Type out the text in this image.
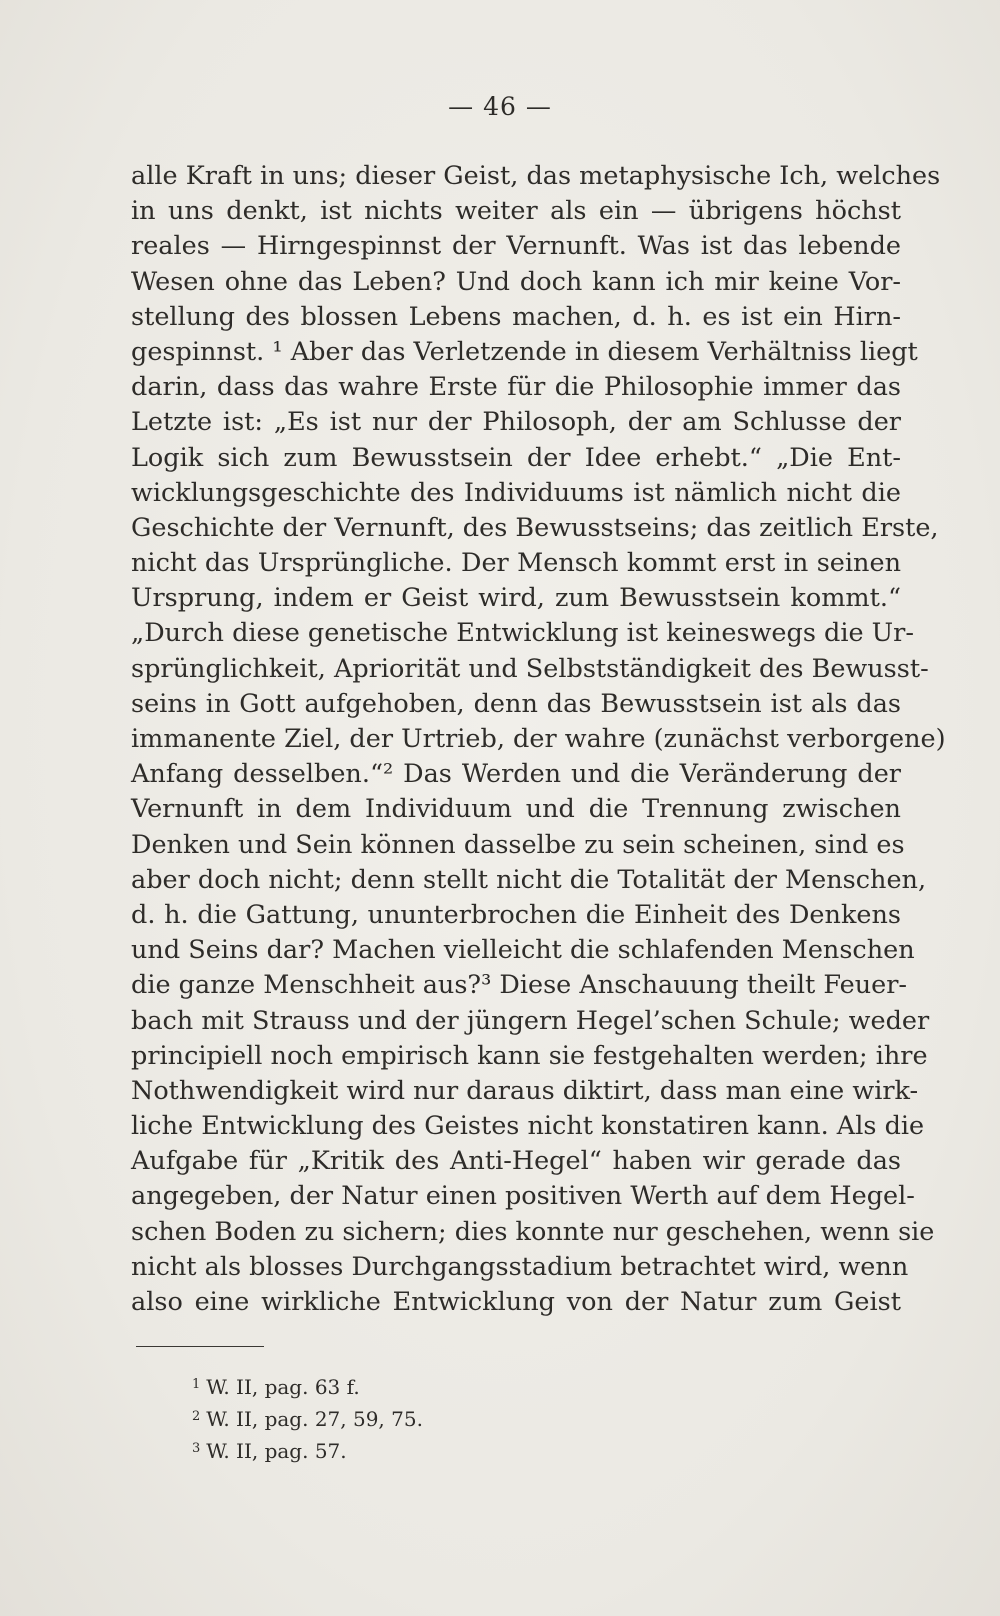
— 46 —
alle Kraft in uns; dieser Geist, das metaphysische Ich, welches
in uns denkt, ist nichts weiter als ein — übrigens höchst
reales — Hirngespinnst der Vernunft. Was ist das lebende
Wesen ohne das Leben? Und doch kann ich mir keine Vor-
stellung des blossen Lebens machen, d. h. es ist ein Hirn-
gespinnst. ¹ Aber das Verletzende in diesem Verhältniss liegt
darin, dass das wahre Erste für die Philosophie immer das
Letzte ist: „Es ist nur der Philosoph, der am Schlusse der
Logik sich zum Bewusstsein der Idee erhebt.“ „Die Ent-
wicklungsgeschichte des Individuums ist nämlich nicht die
Geschichte der Vernunft, des Bewusstseins; das zeitlich Erste,
nicht das Ursprüngliche. Der Mensch kommt erst in seinen
Ursprung, indem er Geist wird, zum Bewusstsein kommt.“
„Durch diese genetische Entwicklung ist keineswegs die Ur-
sprünglichkeit, Apriorität und Selbstständigkeit des Bewusst-
seins in Gott aufgehoben, denn das Bewusstsein ist als das
immanente Ziel, der Urtrieb, der wahre (zunächst verborgene)
Anfang desselben.“² Das Werden und die Veränderung der
Vernunft in dem Individuum und die Trennung zwischen
Denken und Sein können dasselbe zu sein scheinen, sind es
aber doch nicht; denn stellt nicht die Totalität der Menschen,
d. h. die Gattung, ununterbrochen die Einheit des Denkens
und Seins dar? Machen vielleicht die schlafenden Menschen
die ganze Menschheit aus?³ Diese Anschauung theilt Feuer-
bach mit Strauss und der jüngern Hegel’schen Schule; weder
principiell noch empirisch kann sie festgehalten werden; ihre
Nothwendigkeit wird nur daraus diktirt, dass man eine wirk-
liche Entwicklung des Geistes nicht konstatiren kann. Als die
Aufgabe für „Kritik des Anti-Hegel“ haben wir gerade das
angegeben, der Natur einen positiven Werth auf dem Hegel-
schen Boden zu sichern; dies konnte nur geschehen, wenn sie
nicht als blosses Durchgangsstadium betrachtet wird, wenn
also eine wirkliche Entwicklung von der Natur zum Geist
$^1$ W. II, pag. 63 f.
$^2$ W. II, pag. 27, 59, 75.
$^3$ W. II, pag. 57.
